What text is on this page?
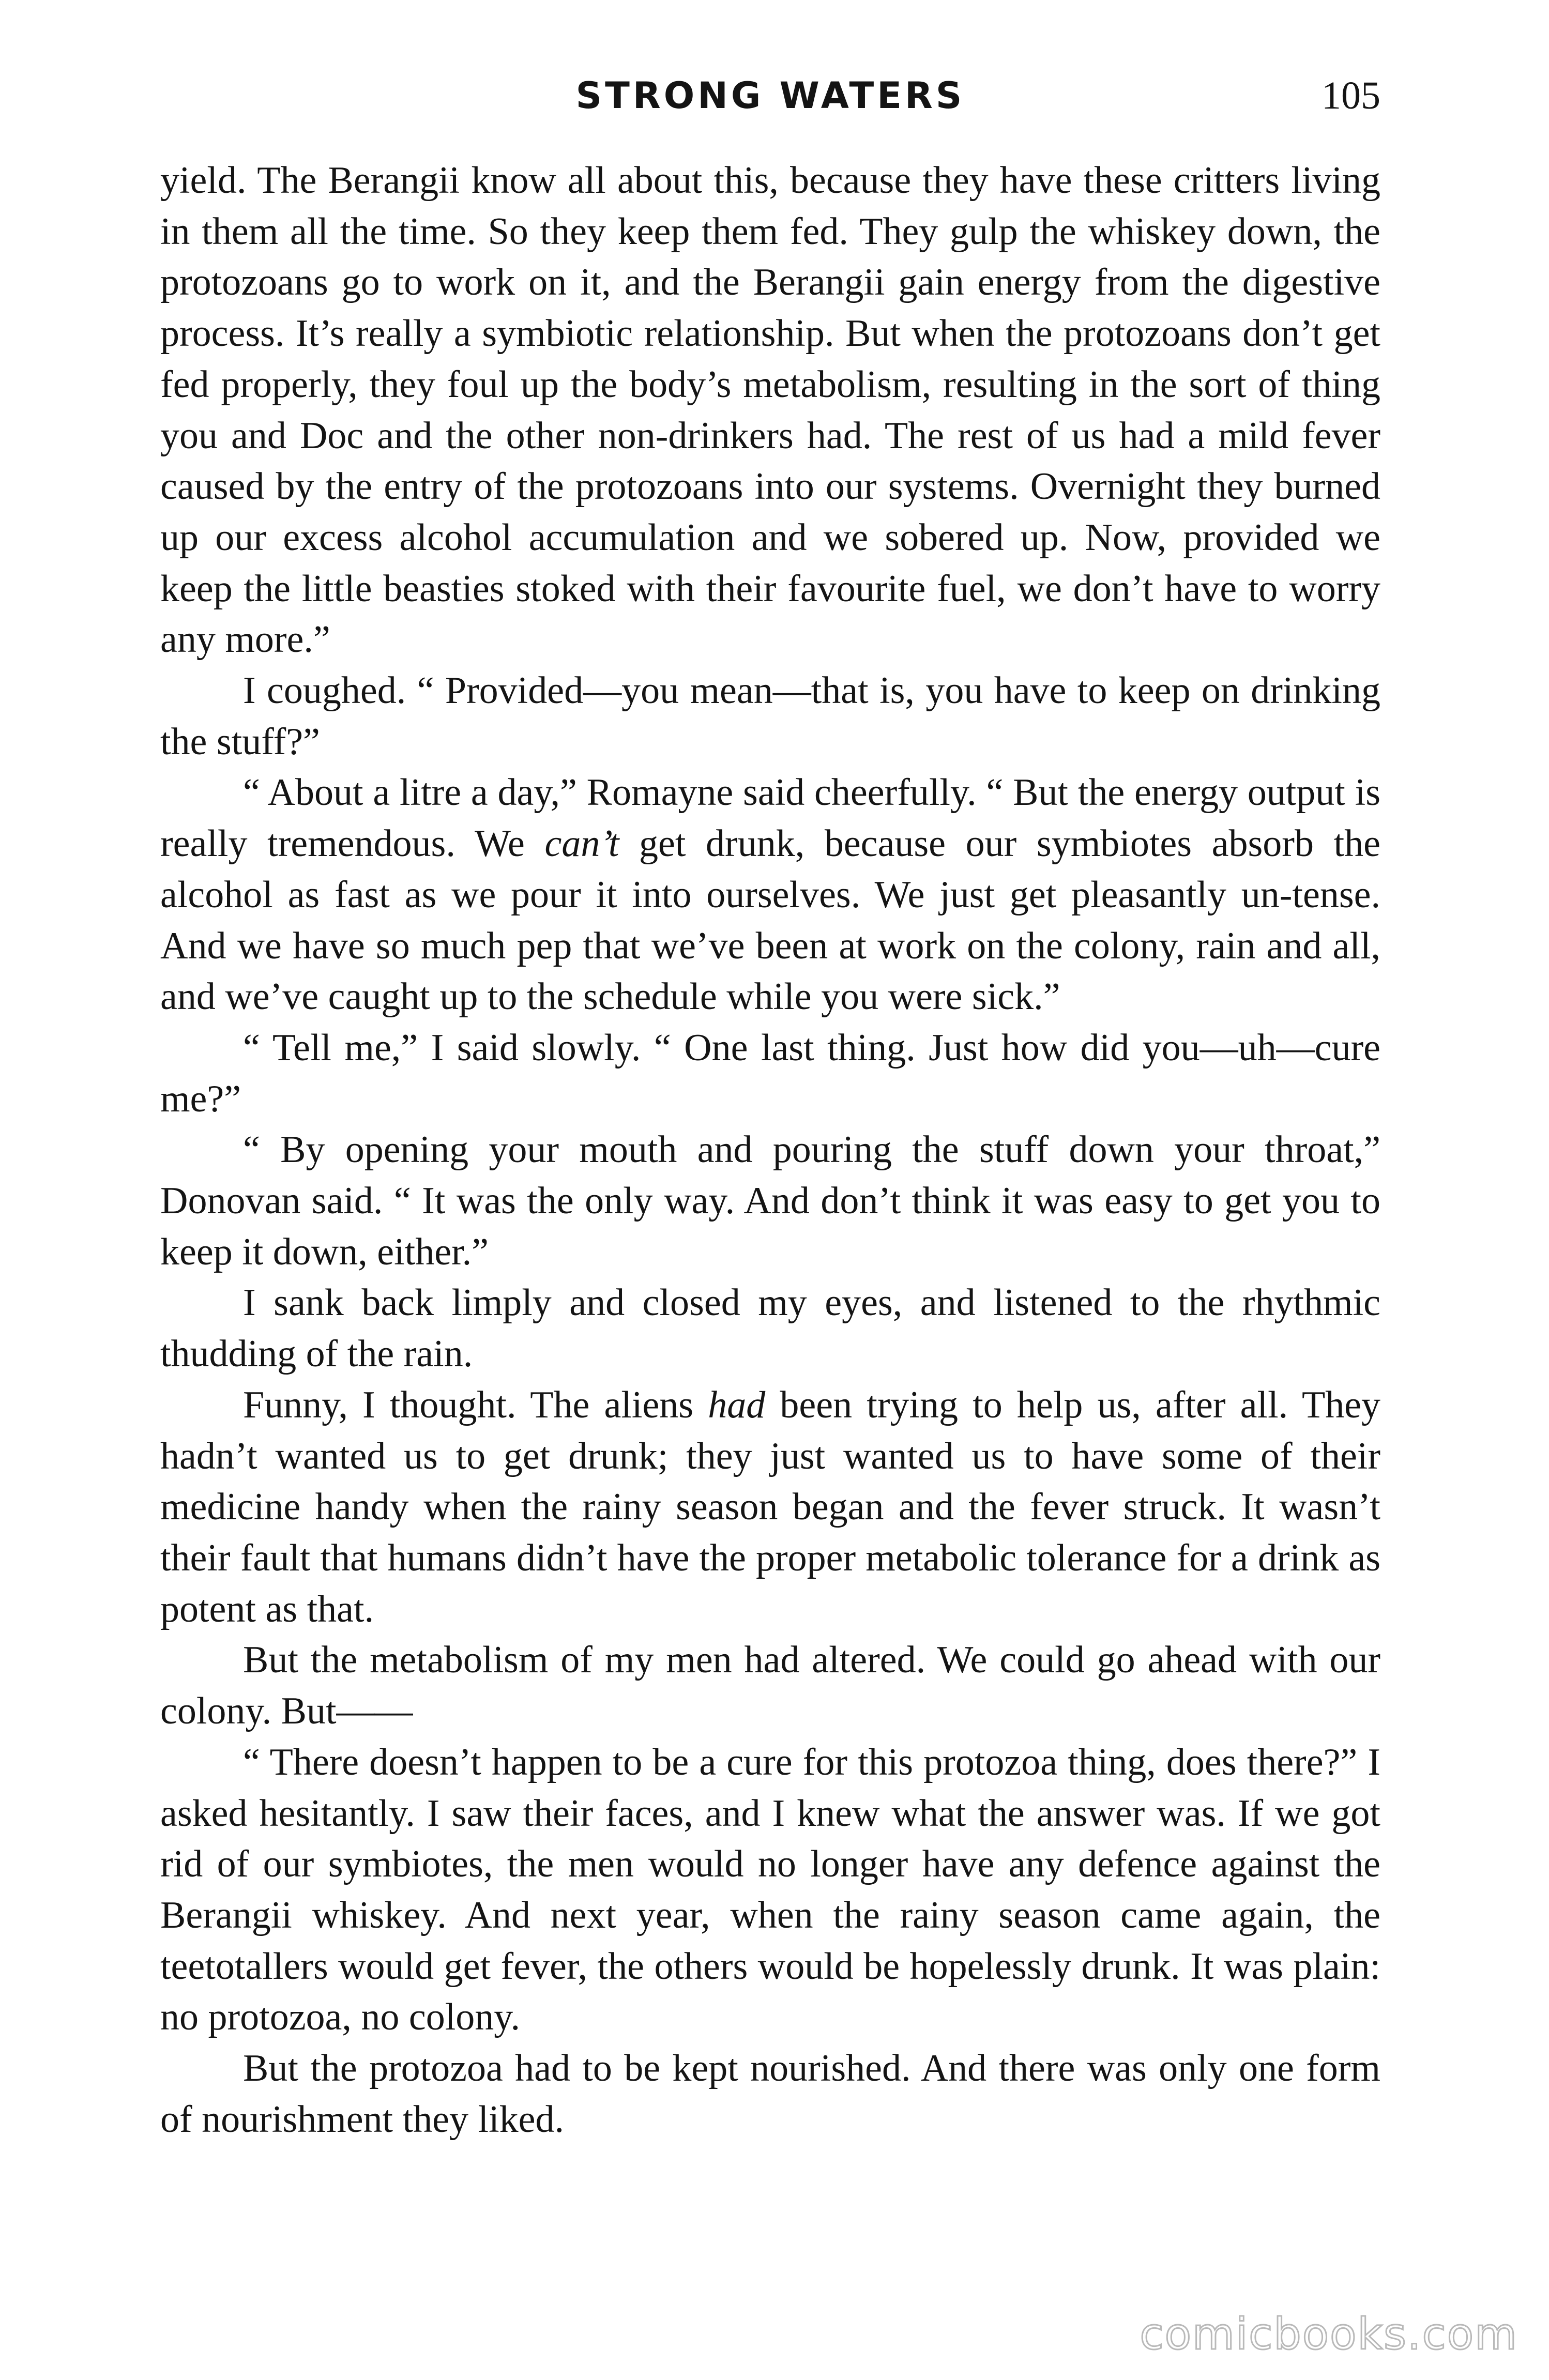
STRONG WATERS	105

yield. The Berangii know all about this, because they have these critters living in them all the time. So they keep them fed. They gulp the whiskey down, the protozoans go to work on it, and the Berangii gain energy from the digestive process. It’s really a symbiotic relationship. But when the protozoans don’t get fed properly, they foul up the body’s metabolism, resulting in the sort of thing you and Doc and the other non-drinkers had. The rest of us had a mild fever caused by the entry of the protozoans into our systems. Overnight they burned up our excess alcohol accumulation and we sobered up. Now, provided we keep the little beasties stoked with their favourite fuel, we don’t have to worry any more.”

I coughed. “ Provided—you mean—that is, you have to keep on drinking the stuff?”

“ About a litre a day,” Romayne said cheerfully. “ But the energy output is really tremendous. We can’t get drunk, because our symbiotes absorb the alcohol as fast as we pour it into ourselves. We just get pleasantly un-tense. And we have so much pep that we’ve been at work on the colony, rain and all, and we’ve caught up to the schedule while you were sick.”

“ Tell me,” I said slowly. “ One last thing. Just how did you—uh—cure me?”

“ By opening your mouth and pouring the stuff down your throat,” Donovan said. “ It was the only way. And don’t think it was easy to get you to keep it down, either.”

I sank back limply and closed my eyes, and listened to the rhythmic thudding of the rain.

Funny, I thought. The aliens had been trying to help us, after all. They hadn’t wanted us to get drunk; they just wanted us to have some of their medicine handy when the rainy season began and the fever struck. It wasn’t their fault that humans didn’t have the proper metabolic tolerance for a drink as potent as that.

But the metabolism of my men had altered. We could go ahead with our colony. But——

“ There doesn’t happen to be a cure for this protozoa thing, does there?” I asked hesitantly. I saw their faces, and I knew what the answer was. If we got rid of our symbiotes, the men would no longer have any defence against the Berangii whiskey. And next year, when the rainy season came again, the teetotallers would get fever, the others would be hopelessly drunk. It was plain: no protozoa, no colony.

But the protozoa had to be kept nourished. And there was only one form of nourishment they liked.

comicbooks.com
